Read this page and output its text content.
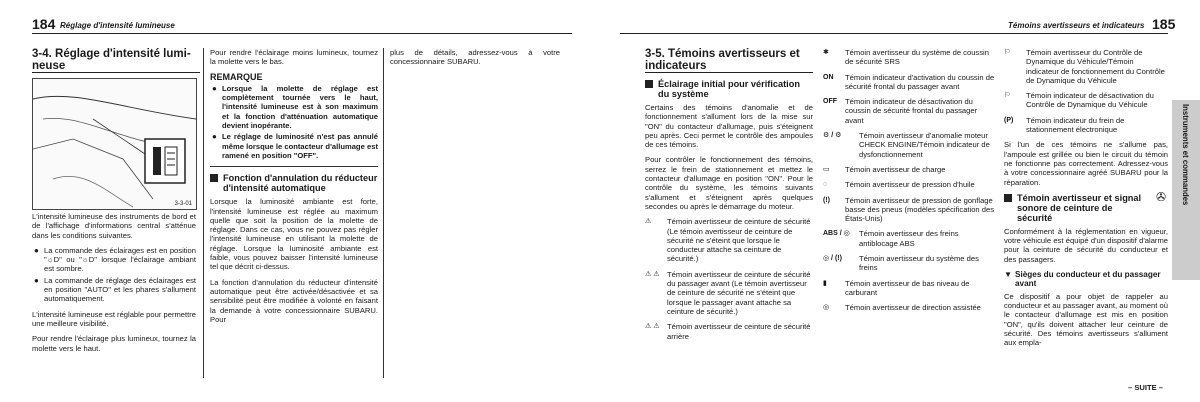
184 Réglage d'intensité lumineuse
3-4. Réglage d'intensité lumi-

neuse
3-3-01

L'intensité lumineuse des instruments de bord et de l'affichage d'informations central s'atténue dans les conditions suivantes.

● La commande des éclairages est en position "☼D" ou "☼D" lorsque l'éclairage ambiant est sombre.
● La commande de réglage des éclairages est en position "AUTO" et les phares s'allument automatiquement.

L'intensité lumineuse est réglable pour permettre une meilleure visibilité.

Pour rendre l'éclairage plus lumineux, tournez la molette vers le haut.

Pour rendre l'éclairage moins lumineux, tournez la molette vers le bas.

REMARQUE
● Lorsque la molette de réglage est complètement tournée vers le haut, l'intensité lumineuse est à son maximum et la fonction d'atténuation automatique devient inopérante.
● Le réglage de luminosité n'est pas annulé même lorsque le contacteur d'allumage est ramené en position "OFF".
Fonction d'annulation du réducteur d'intensité automatique

Lorsque la luminosité ambiante est forte, l'intensité lumineuse est réglée au maximum quelle que soit la position de la molette de réglage. Dans ce cas, vous ne pouvez pas régler l'intensité lumineuse en utilisant la molette de réglage. Lorsque la luminosité ambiante est faible, vous pouvez baisser l'intensité lumineuse tel que décrit ci-dessus.

La fonction d'annulation du réducteur d'intensité automatique peut être activée/désactivée et sa sensibilité peut être modifiée à volonté en faisant la demande à votre concessionnaire SUBARU. Pour

plus de détails, adressez-vous à votre concessionnaire SUBARU.

Témoins avertisseurs et indicateurs 185
Instruments et commandes
3-5. Témoins avertisseurs et indicateurs
Éclairage initial pour vérification du système

Certains des témoins d'anomalie et de fonctionnement s'allument lors de la mise sur "ON" du contacteur d'allumage, puis s'éteignent peu après. Ceci permet le contrôle des ampoules de ces témoins.

Pour contrôler le fonctionnement des témoins, serrez le frein de stationnement et mettez le contacteur d'allumage en position "ON". Pour le contrôle du système, les témoins suivants s'allument et s'éteignent après quelques secondes ou après le démarrage du moteur.

⚠ Témoin avertisseur de ceinture de sécurité (Le témoin avertisseur de ceinture de sécurité ne s'éteint que lorsque le conducteur attache sa ceinture de sécurité.)
⚠ ⚠ Témoin avertisseur de ceinture de sécurité du passager avant (Le témoin avertisseur de ceinture de sécurité ne s'éteint que lorsque le passager avant attache sa ceinture de sécurité.)
⚠ ⚠ Témoin avertisseur de ceinture de sécurité arrière
✱ Témoin avertisseur du système de coussin de sécurité SRS
ON Témoin indicateur d'activation du coussin de sécurité frontal du passager avant
OFF Témoin indicateur de désactivation du coussin de sécurité frontal du passager avant
⚙ / ⚙ Témoin avertisseur d'anomalie moteur CHECK ENGINE/Témoin indicateur de dysfonctionnement
▭ Témoin avertisseur de charge
◌ Témoin avertisseur de pression d'huile
(!) Témoin avertisseur de pression de gonflage basse des pneus (modèles spécification des États-Unis)
ABS / ◎ Témoin avertisseur des freins antiblocage ABS
◎ / (!) Témoin avertisseur du système des freins
▮ Témoin avertisseur de bas niveau de carburant
◎ Témoin avertisseur de direction assistée
⚐ Témoin avertisseur du Contrôle de Dynamique du Véhicule/Témoin indicateur de fonctionnement du Contrôle de Dynamique du Véhicule
⚐ Témoin indicateur de désactivation du Contrôle de Dynamique du Véhicule
(P) Témoin indicateur du frein de stationnement électronique

Si l'un de ces témoins ne s'allume pas, l'ampoule est grillée ou bien le circuit du témoin ne fonctionne pas correctement. Adressez-vous à votre concessionnaire agréé SUBARU pour la réparation.

Témoin avertisseur et signal sonore de ceinture de sécurité
✇

Conformément à la réglementation en vigueur, votre véhicule est équipé d'un dispositif d'alarme pour la ceinture de sécurité du conducteur et des passagers.

▼ Sièges du conducteur et du passager avant

Ce dispositif a pour objet de rappeler au conducteur et au passager avant, au moment où le contacteur d'allumage est mis en position "ON", qu'ils doivent attacher leur ceinture de sécurité. Des témoins avertisseurs s'allument aux empla-

– SUITE –
